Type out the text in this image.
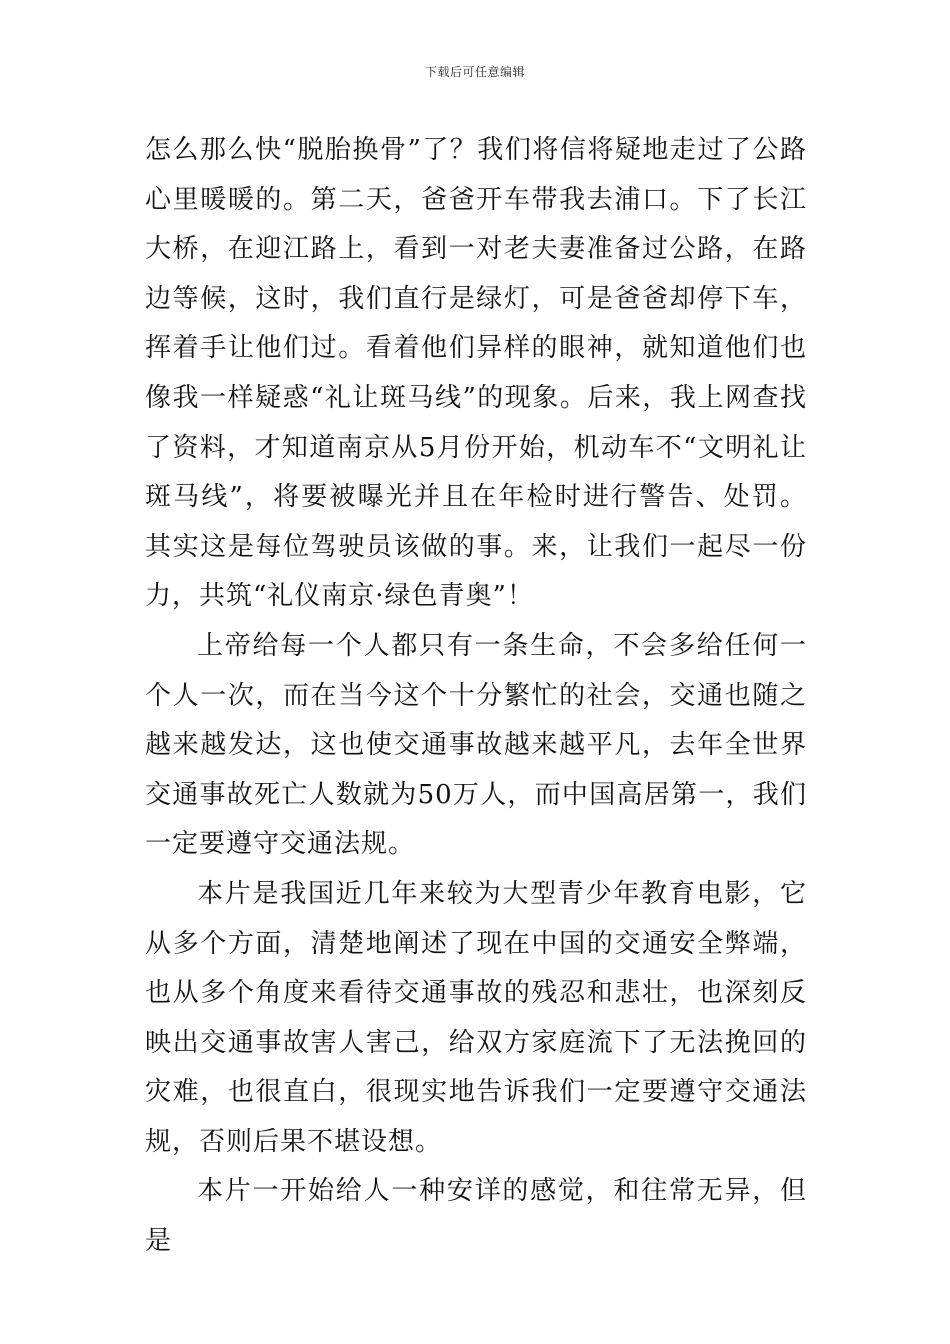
下载后可任意编辑

怎么那么快“脱胎换骨”了？我们将信将疑地走过了公路心里暖暖的。第二天，爸爸开车带我去浦口。下了长江大桥，在迎江路上，看到一对老夫妻准备过公路，在路边等候，这时，我们直行是绿灯，可是爸爸却停下车，挥着手让他们过。看着他们异样的眼神，就知道他们也像我一样疑惑“礼让斑马线”的现象。后来，我上网查找了资料，才知道南京从5月份开始，机动车不“文明礼让斑马线”，将要被曝光并且在年检时进行警告、处罚。其实这是每位驾驶员该做的事。来，让我们一起尽一份力，共筑“礼仪南京·绿色青奥”！

上帝给每一个人都只有一条生命，不会多给任何一个人一次，而在当今这个十分繁忙的社会，交通也随之越来越发达，这也使交通事故越来越平凡，去年全世界交通事故死亡人数就为50万人，而中国高居第一，我们一定要遵守交通法规。

本片是我国近几年来较为大型青少年教育电影，它从多个方面，清楚地阐述了现在中国的交通安全弊端，也从多个角度来看待交通事故的残忍和悲壮，也深刻反映出交通事故害人害己，给双方家庭流下了无法挽回的灾难，也很直白，很现实地告诉我们一定要遵守交通法规，否则后果不堪设想。

本片一开始给人一种安详的感觉，和往常无异，但是
